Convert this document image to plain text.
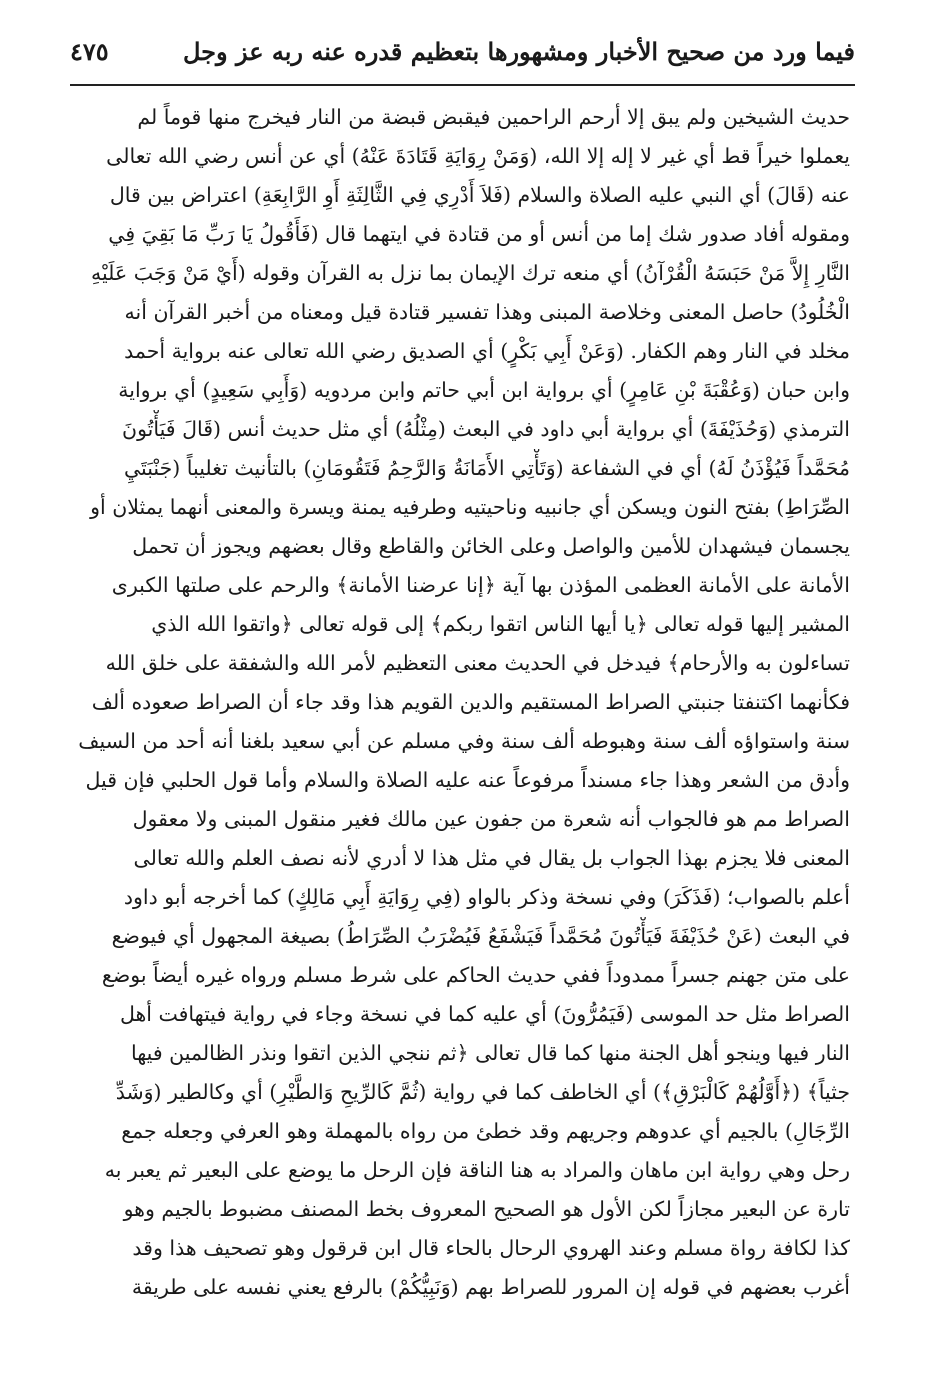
فيما ورد من صحيح الأخبار ومشهورها بتعظيم قدره عنه ربه عز وجل
٤٧٥
حديث الشيخين ولم يبق إلا أرحم الراحمين فيقبض قبضة من النار فيخرج منها قوماً لم
يعملوا خيراً قط أي غير لا إله إلا الله، (وَمَنْ رِوَايَةِ قَتَادَةَ عَنْهُ) أي عن أنس رضي الله تعالى
عنه (قَالَ) أي النبي عليه الصلاة والسلام (فَلاَ أَدْرِي فِي الثَّالِثَةِ أَوِ الرَّابِعَةِ) اعتراض بين قال
ومقوله أفاد صدور شك إما من أنس أو من قتادة في ايتهما قال (فَأَقُولُ يَا رَبِّ مَا بَقِيَ فِي
النَّارِ إِلاَّ مَنْ حَبَسَهُ الْقُرْآنُ) أي منعه ترك الإيمان بما نزل به القرآن وقوله (أَيْ مَنْ وَجَبَ عَلَيْهِ
الْخُلُودُ) حاصل المعنى وخلاصة المبنى وهذا تفسير قتادة قيل ومعناه من أخبر القرآن أنه
مخلد في النار وهم الكفار. (وَعَنْ أَبِي بَكْرٍ) أي الصديق رضي الله تعالى عنه برواية أحمد
وابن حبان (وَعُقْبَةَ بْنِ عَامِرٍ) أي برواية ابن أبي حاتم وابن مردويه (وَأَبِي سَعِيدٍ) أي برواية
الترمذي (وَحُذَيْفَةَ) أي برواية أبي داود في البعث (مِثْلُهُ) أي مثل حديث أنس (قَالَ فَيَأْتُونَ
مُحَمَّداً فَيُؤْذَنُ لَهُ) أي في الشفاعة (وَتَأْتِي الأَمَانَةُ وَالرَّحِمُ فَتَقُومَانِ) بالتأنيث تغليباً (جَنْبَتَيِ
الصِّرَاطِ) بفتح النون ويسكن أي جانبيه وناحيتيه وطرفيه يمنة ويسرة والمعنى أنهما يمثلان أو
يجسمان فيشهدان للأمين والواصل وعلى الخائن والقاطع وقال بعضهم ويجوز أن تحمل
الأمانة على الأمانة العظمى المؤذن بها آية ﴿إنا عرضنا الأمانة﴾ والرحم على صلتها الكبرى
المشير إليها قوله تعالى ﴿يا أيها الناس اتقوا ربكم﴾ إلى قوله تعالى ﴿واتقوا الله الذي
تساءلون به والأرحام﴾ فيدخل في الحديث معنى التعظيم لأمر الله والشفقة على خلق الله
فكأنهما اكتنفتا جنبتي الصراط المستقيم والدين القويم هذا وقد جاء أن الصراط صعوده ألف
سنة واستواؤه ألف سنة وهبوطه ألف سنة وفي مسلم عن أبي سعيد بلغنا أنه أحد من السيف
وأدق من الشعر وهذا جاء مسنداً مرفوعاً عنه عليه الصلاة والسلام وأما قول الحلبي فإن قيل
الصراط مم هو فالجواب أنه شعرة من جفون عين مالك فغير منقول المبنى ولا معقول
المعنى فلا يجزم بهذا الجواب بل يقال في مثل هذا لا أدري لأنه نصف العلم والله تعالى
أعلم بالصواب؛ (فَذَكَرَ) وفي نسخة وذكر بالواو (فِي رِوَايَةِ أَبِي مَالِكٍ) كما أخرجه أبو داود
في البعث (عَنْ حُذَيْفَةَ فَيَأْتُونَ مُحَمَّداً فَيَشْفَعُ فَيُضْرَبُ الصِّرَاطُ) بصيغة المجهول أي فيوضع
على متن جهنم جسراً ممدوداً ففي حديث الحاكم على شرط مسلم ورواه غيره أيضاً بوضع
الصراط مثل حد الموسى (فَيَمُرُّونَ) أي عليه كما في نسخة وجاء في رواية فيتهافت أهل
النار فيها وينجو أهل الجنة منها كما قال تعالى ﴿ثم ننجي الذين اتقوا ونذر الظالمين فيها
جثياً﴾ (﴿أَوَّلُهُمْ كَالْبَرْقِ﴾) أي الخاطف كما في رواية (ثُمَّ كَالرِّيحِ وَالطَّيْرِ) أي وكالطير (وَشَدِّ
الرِّجَالِ) بالجيم أي عدوهم وجريهم وقد خطئ من رواه بالمهملة وهو العرفي وجعله جمع
رحل وهي رواية ابن ماهان والمراد به هنا الناقة فإن الرحل ما يوضع على البعير ثم يعبر به
تارة عن البعير مجازاً لكن الأول هو الصحيح المعروف بخط المصنف مضبوط بالجيم وهو
كذا لكافة رواة مسلم وعند الهروي الرحال بالحاء قال ابن قرقول وهو تصحيف هذا وقد
أغرب بعضهم في قوله إن المرور للصراط بهم (وَنَبِيُّكُمْ) بالرفع يعني نفسه على طريقة
